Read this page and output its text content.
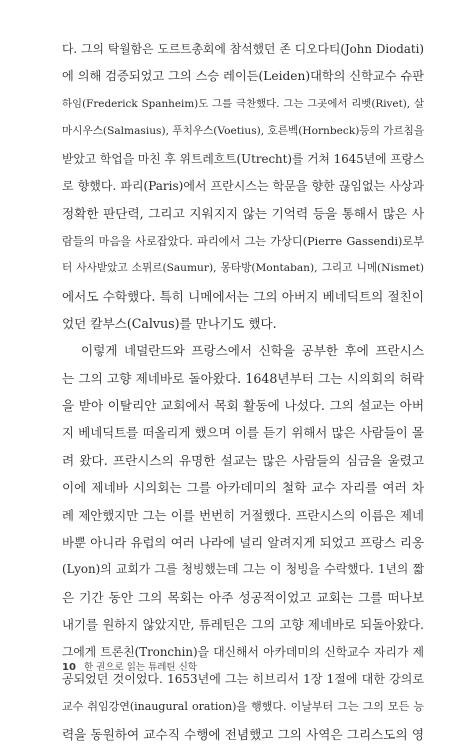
다. 그의 탁월함은 도르트총회에 참석했던 존 디오다티(John Diodati)
에 의해 검증되었고 그의 스승 레이든(Leiden)대학의 신학교수 슈판
하임(Frederick Spanheim)도 그를 극찬했다. 그는 그곳에서 리벳(Rivet), 살
마시우스(Salmasius), 푸치우스(Voetius), 호른벡(Hornbeck)등의 가르침을
받았고 학업을 마친 후 위트레흐트(Utrecht)를 거쳐 1645년에 프랑스
로 향했다. 파리(Paris)에서 프란시스는 학문을 향한 끊임없는 사상과
정확한 판단력, 그리고 지워지지 않는 기억력 등을 통해서 많은 사
람들의 마음을 사로잡았다. 파리에서 그는 가상디(Pierre Gassendi)로부
터 사사받았고 소뮈르(Saumur), 몽타방(Montaban), 그리고 니메(Nismet)
에서도 수학했다. 특히 니메에서는 그의 아버지 베네딕트의 절친이
었던 칼부스(Calvus)를 만나기도 했다.
이렇게 네덜란드와 프랑스에서 신학을 공부한 후에 프란시스
는 그의 고향 제네바로 돌아왔다. 1648년부터 그는 시의회의 허락
을 받아 이탈리안 교회에서 목회 활동에 나섰다. 그의 설교는 아버
지 베네딕트를 떠올리게 했으며 이를 듣기 위해서 많은 사람들이 몰
려 왔다. 프란시스의 유명한 설교는 많은 사람들의 심금을 울렸고
이에 제네바 시의회는 그를 아카데미의 철학 교수 자리를 여러 차
례 제안했지만 그는 이를 번번히 거절했다. 프란시스의 이름은 제네
바뿐 아니라 유럽의 여러 나라에 널리 알려지게 되었고 프랑스 리옹
(Lyon)의 교회가 그를 청빙했는데 그는 이 청빙을 수락했다. 1년의 짧
은 기간 동안 그의 목회는 아주 성공적이었고 교회는 그를 떠나보
내기를 원하지 않았지만, 튜레틴은 그의 고향 제네바로 되돌아왔다.
그에게 트론친(Tronchin)을 대신해서 아카데미의 신학교수 자리가 제
공되었던 것이었다. 1653년에 그는 히브리서 1장 1절에 대한 강의로
교수 취임강연(inaugural oration)을 행했다. 이날부터 그는 그의 모든 능
력을 동원하여 교수직 수행에 전념했고 그의 사역은 그리스도의 영
10 한 권으로 읽는 튜레틴 신학
